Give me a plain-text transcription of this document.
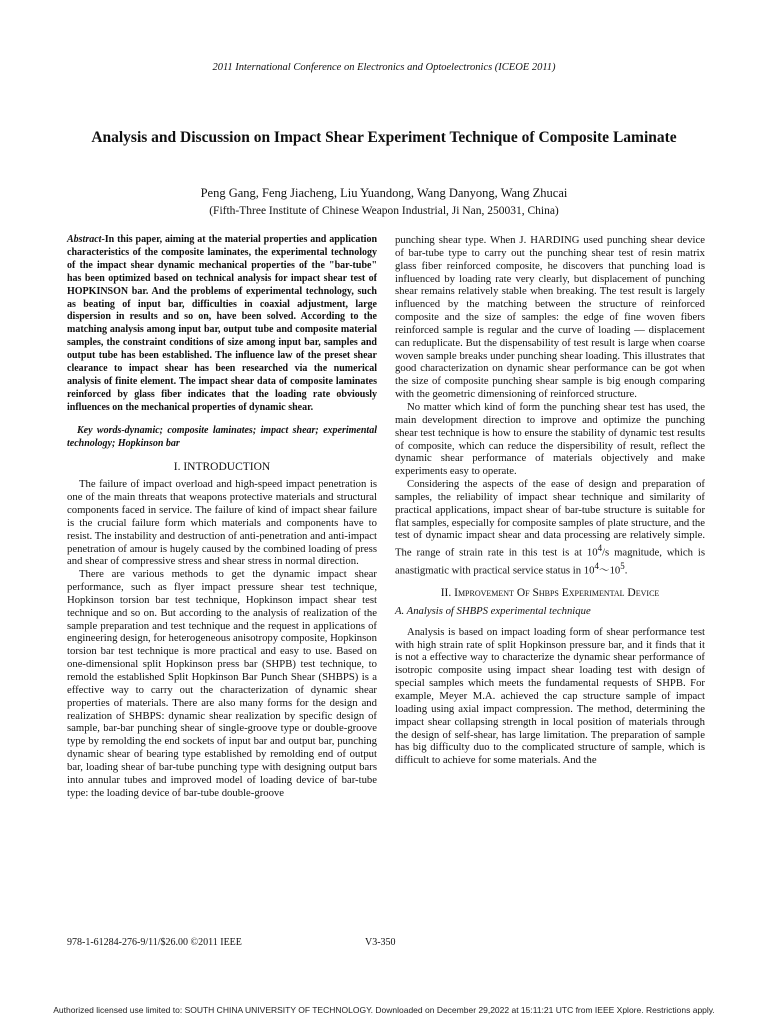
2011 International Conference on Electronics and Optoelectronics (ICEOE 2011)
Analysis and Discussion on Impact Shear Experiment Technique of Composite Laminate
Peng Gang, Feng Jiacheng, Liu Yuandong, Wang Danyong, Wang Zhucai
(Fifth-Three Institute of Chinese Weapon Industrial, Ji Nan, 250031, China)

Abstract-In this paper, aiming at the material properties and application characteristics of the composite laminates, the experimental technology of the impact shear dynamic mechanical properties of the "bar-tube" has been optimized based on technical analysis for impact shear test of HOPKINSON bar. And the problems of experimental technology, such as beating of input bar, difficulties in coaxial adjustment, large dispersion in results and so on, have been solved. According to the matching analysis among input bar, output tube and composite material samples, the constraint conditions of size among input bar, samples and output tube has been established. The influence law of the preset shear clearance to impact shear has been researched via the numerical analysis of finite element. The impact shear data of composite laminates reinforced by glass fiber indicates that the loading rate obviously influences on the mechanical properties of dynamic shear.

Key words-dynamic; composite laminates; impact shear; experimental technology; Hopkinson bar

I. INTRODUCTION

The failure of impact overload and high-speed impact penetration is one of the main threats that weapons protective materials and structural components faced in service. The failure of kind of impact shear failure is the crucial failure form which materials and components have to resist. The instability and destruction of anti-penetration and anti-impact penetration of amour is hugely caused by the combined loading of press and shear of compressive stress and shear stress in normal direction.

There are various methods to get the dynamic impact shear performance, such as flyer impact pressure shear test technique, Hopkinson torsion bar test technique, Hopkinson impact shear test technique and so on. But according to the analysis of realization of the sample preparation and test technique and the request in applications of engineering design, for heterogeneous anisotropy composite, Hopkinson torsion bar test technique is more practical and easy to use. Based on one-dimensional split Hopkinson press bar (SHPB) test technique, to remold the established Split Hopkinson Bar Punch Shear (SHBPS) is a effective way to carry out the characterization of dynamic shear properties of materials. There are also many forms for the design and realization of SHBPS: dynamic shear realization by specific design of sample, bar-bar punching shear of single-groove type or double-groove type by remolding the end sockets of input bar and output bar, punching dynamic shear of bearing type established by remolding end of output bar, loading shear of bar-tube punching type with designing output bars into annular tubes and improved model of loading device of bar-tube type: the loading device of bar-tube double-groove

punching shear type. When J. HARDING used punching shear device of bar-tube type to carry out the punching shear test of resin matrix glass fiber reinforced composite, he discovers that punching load is influenced by loading rate very clearly, but displacement of punching shear remains relatively stable when breaking. The test result is largely influenced by the matching between the structure of reinforced composite and the size of samples: the edge of fine woven fibers reinforced sample is regular and the curve of loading — displacement can reduplicate. But the dispensability of test result is large when coarse woven sample breaks under punching shear loading. This illustrates that good characterization on dynamic shear performance can be got when the size of composite punching shear sample is big enough comparing with the geometric dimensioning of reinforced structure.

No matter which kind of form the punching shear test has used, the main development direction to improve and optimize the punching shear test technique is how to ensure the stability of dynamic test results of composite, which can reduce the dispersibility of result, reflect the dynamic shear performance of materials objectively and make experiments easy to operate.

Considering the aspects of the ease of design and preparation of samples, the reliability of impact shear technique and similarity of practical applications, impact shear of bar-tube structure is suitable for flat samples, especially for composite samples of plate structure, and the test of dynamic impact shear and data processing are relatively simple. The range of strain rate in this test is at $10^4/s$ magnitude, which is anastigmatic with practical service status in $10^4$〜$10^5$.

II. Improvement Of Shbps Experimental Device

A. Analysis of SHBPS experimental technique

Analysis is based on impact loading form of shear performance test with high strain rate of split Hopkinson pressure bar, and it finds that it is not a effective way to characterize the dynamic shear performance of isotropic composite using impact shear loading test with design of special samples which meets the fundamental requests of SHPB. For example, Meyer M.A. achieved the cap structure sample of impact loading using axial impact compression. The method, determining the impact shear collapsing strength in local position of materials through the design of self-shear, has large limitation. The preparation of sample has big difficulty duo to the complicated structure of sample, which is difficult to achieve for some materials. And the

978-1-61284-276-9/11/$26.00 ©2011 IEEE	V3-350
Authorized licensed use limited to: SOUTH CHINA UNIVERSITY OF TECHNOLOGY. Downloaded on December 29,2022 at 15:11:21 UTC from IEEE Xplore. Restrictions apply.
